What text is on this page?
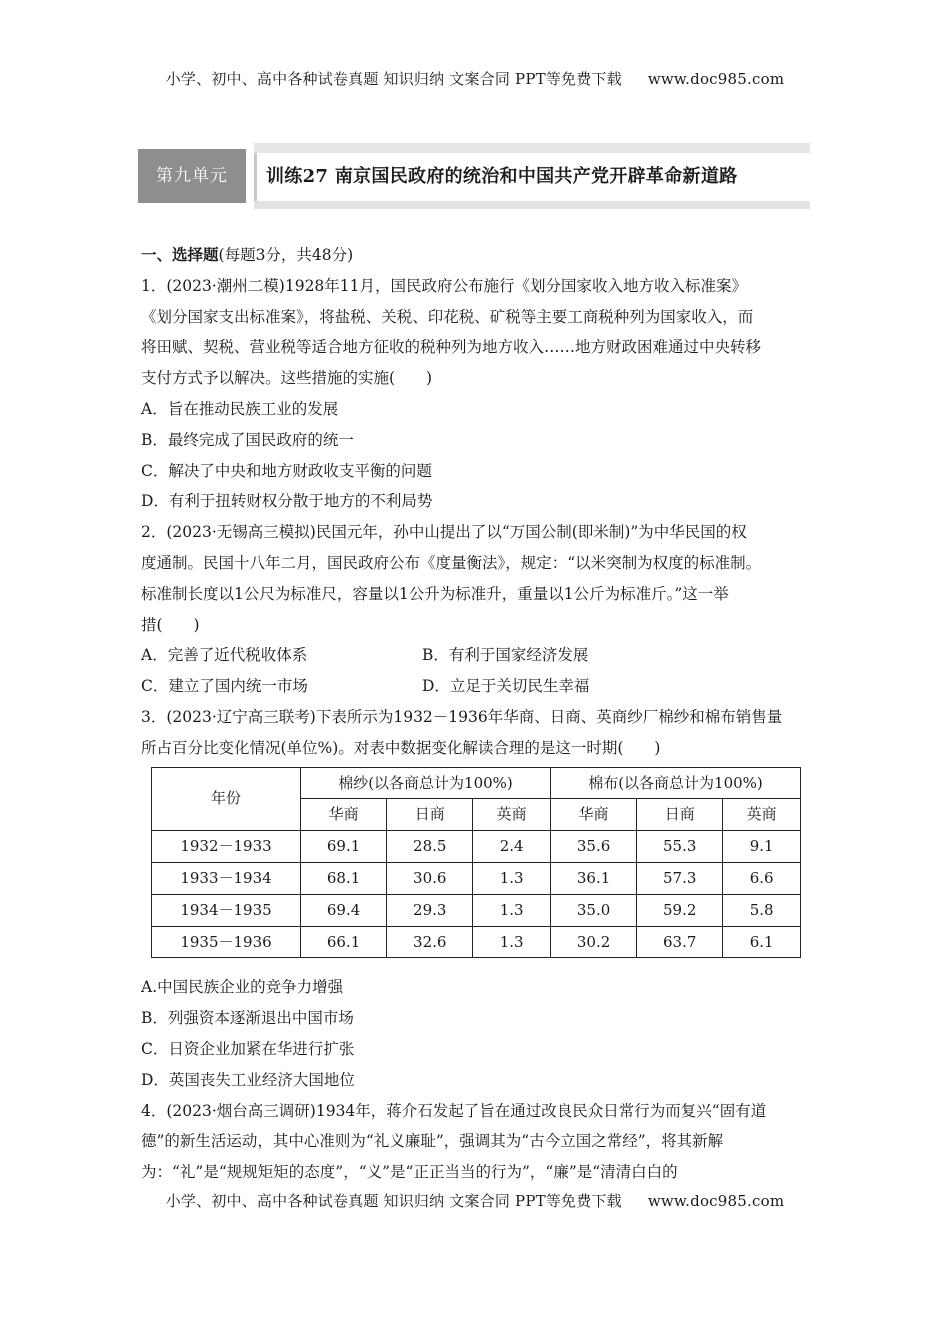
小学、初中、高中各种试卷真题 知识归纳 文案合同 PPT等免费下载 www.doc985.com
第九单元	训练27 南京国民政府的统治和中国共产党开辟革命新道路

一、选择题(每题3分，共48分)

1．(2023·潮州二模)1928年11月，国民政府公布施行《划分国家收入地方收入标准案》

《划分国家支出标准案》，将盐税、关税、印花税、矿税等主要工商税种列为国家收入，而

将田赋、契税、营业税等适合地方征收的税种列为地方收入……地方财政困难通过中央转移

支付方式予以解决。这些措施的实施(　　)

A．旨在推动民族工业的发展

B．最终完成了国民政府的统一

C．解决了中央和地方财政收支平衡的问题

D．有利于扭转财权分散于地方的不利局势

2．(2023·无锡高三模拟)民国元年，孙中山提出了以“万国公制(即米制)”为中华民国的权

度通制。民国十八年二月，国民政府公布《度量衡法》，规定：“以米突制为权度的标准制。

标准制长度以1公尺为标准尺，容量以1公升为标准升，重量以1公斤为标准斤。”这一举

措(　　)

A．完善了近代税收体系	B．有利于国家经济发展
C．建立了国内统一市场	D．立足于关切民生幸福

3．(2023·辽宁高三联考)下表所示为1932－1936年华商、日商、英商纱厂棉纱和棉布销售量

所占百分比变化情况(单位%)。对表中数据变化解读合理的是这一时期(　　)

年份	棉纱(以各商总计为100%)			棉布(以各商总计为100%)		
	华商	日商	英商	华商	日商	英商
1932－1933	69.1	28.5	2.4	35.6	55.3	9.1
1933－1934	68.1	30.6	1.3	36.1	57.3	6.6
1934－1935	69.4	29.3	1.3	35.0	59.2	5.8
1935－1936	66.1	32.6	1.3	30.2	63.7	6.1

A.中国民族企业的竞争力增强

B．列强资本逐渐退出中国市场

C．日资企业加紧在华进行扩张

D．英国丧失工业经济大国地位

4．(2023·烟台高三调研)1934年，蒋介石发起了旨在通过改良民众日常行为而复兴“固有道

德”的新生活运动，其中心准则为“礼义廉耻”，强调其为“古今立国之常经”，将其新解

为：“礼”是“规规矩矩的态度”，“义”是“正正当当的行为”，“廉”是“清清白白的

小学、初中、高中各种试卷真题 知识归纳 文案合同 PPT等免费下载 www.doc985.com
